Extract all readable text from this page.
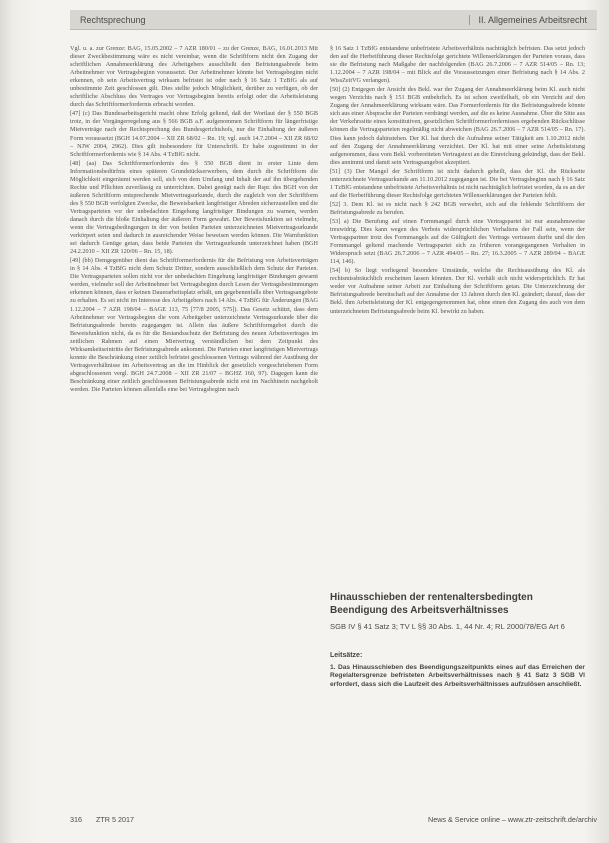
Rechtsprechung	II. Allgemeines Arbeitsrecht

Vgl. u. a. zur Grenze: BAG, 15.05.2002 – 7 AZR 180/01 – zu der Grenze, BAG, 16.01.2013 Mit dieser Zweckbestimmung wäre es nicht vereinbar, wenn die Schriftform nicht den Zugang der schriftlichen Annahmeerklärung des Arbeitgebers ausschließt den Befristungsabrede beim Arbeitnehmer vor Vertragsbeginn voraussetzt. Der Arbeitnehmer könnte bei Vertragsbeginn nicht erkennen, ob sein Arbeitsvertrag wirksam befristet ist oder nach § 16 Satz 1 TzBfG als auf unbestimmte Zeit geschlossen gilt. Dies stellte jedoch Möglichkeit, derüber zu verfügen, ob der schriftliche Abschluss des Vertrages vor Vertragsbeginn bereits erfolgt oder die Arbeitsleistung durch das Schriftformerfordernis erbracht worden.

[47] (c) Das Bundesarbeitsgericht macht ohne Erfolg geltend, daß der Wortlaut der § 550 BGB trotz, in der Vorgängerregelung aus § 566 BGB a.F. aufgenommen Schriftform für längerfristige Mietverträge nach der Rechtsprechung des Bundesgerichtshofs, nur die Einhaltung der äußeren Form voraussetzt (BGH 14.07.2004 – XII ZR 68/02 – Rn. 19; vgl. auch 14.7.2004 – XII ZR 68/02 – NJW 2004, 2962). Dies gilt insbesondere für Unterschrift. Er habe zugestimmt in der Schriftformerfordernis wie § 14 Abs. 4 TzBfG nicht.

[48] (aa) Das Schriftformerfordernis des § 550 BGB dient in erster Linie dem Informationsbedürfnis eines späteren Grundstückserwerbers, dem durch die Schriftform die Möglichkeit eingeräumt werden soll, sich von dem Umfang und Inhalt der auf ihn übergehenden Rechte und Pflichten zuverlässig zu unterrichten. Dabei genügt nach der Rspr. des BGH von der äußeren Schriftform entsprechende Mietvertragsurkunde, durch die zugleich von der Schriftform des § 550 BGB verfolgten Zwecke, die Beweisbarkeit langfristiger Abreden sicherzustellen und die Vertragsparteien vor der unbedachten Eingehung langfristiger Bindungen zu warnen, werden danach durch die bloße Einhaltung der äußeren Form gewahrt. Der Beweisfunktion sei vielmehr, wenn die Vertragsbedingungen in der von beiden Parteien unterzeichneten Mietvertragsurkunde verkörpert seien und dadurch in ausreichender Weise beweisen werden können. Die Warnfunktion sei dadurch Genüge getan, dass beide Parteien die Vertragsurkunde unterzeichnet haben (BGH 24.2.2010 – XII ZR 120/06 – Rn. 15, 18).

[49] (bb) Demgegenüber dient das Schriftformerfordernis für die Befristung von Arbeitsverträgen in § 14 Abs. 4 TzBfG nicht dem Schutz Dritter, sondern ausschließlich dem Schutz der Parteien. Die Vertragsparteien sollen nicht vor der unbedachten Eingehung langfristiger Bindungen gewarnt werden, vielmehr soll der Arbeitnehmer bei Vertragsbeginn durch Lesen der Vertragsbestimmungen erkennen können, dass er keinen Dauerarbeitsplatz erhält, um gegebenenfalls über Vertragsangebote zu erhalten. Es sei nicht im Interesse des Arbeitgebers nach 14 Abs. 4 TzBfG für Änderungen (BAG 1.12.2004 – 7 AZR 198/04 – BAGE 113, 75 [77/8 2005, 575]). Das Gesetz schützt, dass dem Arbeitnehmer vor Vertragsbeginn die vom Arbeitgeber unterzeichnete Vertragsurkunde über die Befristungsabrede bereits zugegangen ist. Allein das äußere Schriftformgebot durch die Beweisfunktion nicht, da es für die Bestandsschutz der Befristung des neuen Arbeitsvertrages im zeitlichen Rahmen auf einen Mietvertrag verständlichen bei dem Zeitpunkt des Wirksamkeitseintritts der Befristungsabrede ankommt. Die Parteien einer langfristigen Mietvertrags konnte die Beschränkung einer zeitlich befristet geschlossenen Vertrags während der Ausübung der Vertragsverhältnisse im Arbeitsvertrag an die im Hinblick der gesetzlich vorgeschriebenen Form abgeschlossenen vergl. BGH 24.7.2008 – XII ZR 21/07 – BGHZ 160, 97). Dagegen kann die Beschränkung einer zeitlich geschlossenen Befristungsabrede nicht erst im Nachhinein nachgeholt werden. Die Parteien können allenfalls eine bei Vertragsbeginn nach

§ 16 Satz 1 TzBfG entstandene unbefristete Arbeitsverhältnis nachträglich befristen. Das setzt jedoch den auf die Herbeiführung dieser Rechtsfolge gerichtete Willenserklärungen der Parteien voraus, dass sie die Befristung nach Maßgabe der nachfolgenden (BAG 26.7.2006 – 7 AZR 514/05 – Rn. 13; 1.12.2004 – 7 AZR 198/04 – mit Blick auf die Voraussetzungen einer Befristung nach § 14 Abs. 2 WissZeitVG verlangen).

[50] (2) Entgegen der Ansicht des Bekl. war der Zugang der Annahmeerklärung beim Kl. auch nicht wegen Verzichts nach § 151 BGB entbehrlich. Es ist schon zweifelhaft, ob ein Verzicht auf den Zugang der Annahmeerklärung wirksam wäre. Das Formerfordernis für die Befristungsabrede könnte sich aus einer Absprache der Parteien verdrängt werden, auf die es keine Ausnahme. Über die Sitte aus der Verkehrssitte eines konstitutiven, gesetzlichen Schriftformerfordernisses ergebenden Rückschlüsse können die Vertragsparteien regelmäßig nicht abweichen (BAG 26.7.2006 – 7 AZR 514/05 – Rn. 17). Dies kann jedoch dahinstehen. Der Kl. hat durch die Aufnahme seiner Tätigkeit am 1.10.2012 nicht auf den Zugang der Annahmeerklärung verzichtet. Der Kl. hat mit einer seine Arbeitsleistung aufgenommen, dass vom Bekl. vorbereiteten Vertragstext an die Einreichung gekündigt, dass der Bekl. dies annimmt und damit sein Vertragsangebot akzeptiert.

[51] (3) Der Mangel der Schriftform ist nicht dadurch geheilt, dass der Kl. die Rückseite unterzeichnete Vertragsurkunde am 11.10.2012 zugegangen ist. Die bei Vertragsbeginn nach § 16 Satz 1 TzBfG entstandene unbefristete Arbeitsverhältnis ist nicht nachträglich befristet worden, da es an der auf die Herbeiführung dieser Rechtsfolge gerichteten Willenserklärungen der Parteien fehlt.

[52] 3. Dem Kl. ist es nicht nach § 242 BGB verwehrt, sich auf die fehlende Schriftform der Befristungsabrede zu berufen.

[53] a) Die Berufung auf einen Formmangel durch eine Vertragspartei ist nur ausnahmsweise treuwidrig. Dies kann wegen des Verbots widersprüchlichen Verhaltens der Fall sein, wenn der Vertragspartner trotz des Formmangels auf die Gültigkeit des Vertrags vertrauen durfte und die den Formmangel geltend machende Vertragspartei sich zu früheren vorangegangenen Verhalten in Widerspruch setzt (BAG 26.7.2006 – 7 AZR 494/05 – Rn. 27; 16.3.2005 – 7 AZR 289/04 – BAGE 114, 146).

[54] b) So liegt vorliegend besondere Umstände, welche die Rechtsausübung des Kl. als rechtsmissbräuchlich erscheinen lassen könnten. Der Kl. verhält sich nicht widersprüchlich. Er hat weder vor Aufnahme seiner Arbeit zur Einhaltung der Schriftform getan. Die Unterzeichnung der Befristungsabrede bereitschaft auf der Annahme der 13 Jahren durch den Kl. geändert; darauf, dass der Bekl. ihm Arbeitsleistung der Kl. entgegengenommen hat, ohne einen den Zugang des auch von dem unterzeichneten Befristungsabrede beim Kl. bewirkt zu haben.

Hinausschieben der rentenaltersbedingten Beendigung des Arbeitsverhältnisses
SGB IV § 41 Satz 3; TV L §§ 30 Abs. 1, 44 Nr. 4; RL 2000/78/EG Art 6
Leitsätze:
1. Das Hinausschieben des Beendigungszeitpunkts eines auf das Erreichen der Regelaltersgrenze befristeten Arbeitsverhältnisses nach § 41 Satz 3 SGB VI erfordert, dass sich die Laufzeit des Arbeitsverhältnisses aufzulösen anschließt.
316 ZTR 5 2017	News & Service online – www.ztr-zeitschrift.de/archiv
